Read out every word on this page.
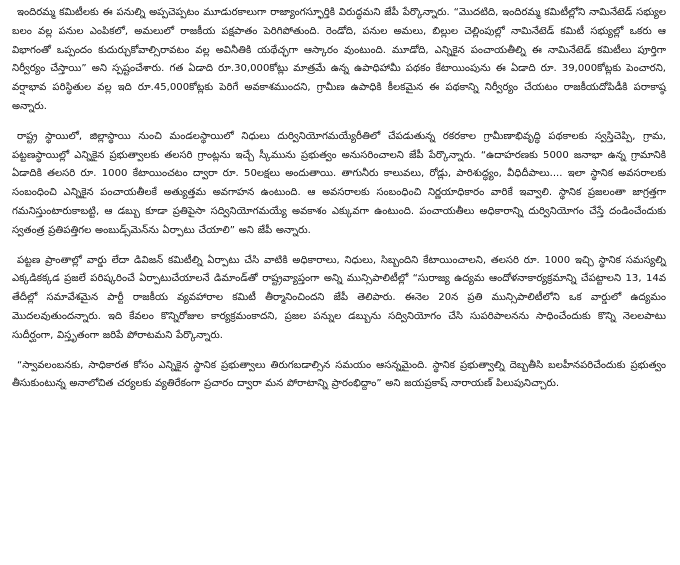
ఇందిరమ్మ కమిటీలకు ఈ పనుల్ని అప్పచెప్పటం మూడురకాలుగా రాజ్యాంగస్ఫూర్తికి విరుద్ధమని జేపీ పేర్కొన్నారు. “మొదటిది, ఇందిరమ్మ కమిటీల్లోని నామినేటెడ్ సభ్యుల బలం వల్ల పనుల ఎంపికలో, అమలులో రాజకీయ పక్షపాతం పెరిగిపోతుంది. రెండోది, పనుల అమలు, బిల్లుల చెల్లింపుల్లో నామినేటెడ్ కమిటీ సభ్యుల్లో ఒకరు ఆ విభాగంతో ఒప్పందం కుదుర్చుకోవాల్సిరావటం వల్ల అవినీతికి యథేచ్ఛగా ఆస్కారం వుంటుంది. మూడోది, ఎన్నికైన పంచాయతీల్ని ఈ నామినేటెడ్ కమిటీలు పూర్తిగా నిర్వీర్యం చేస్తాయి” అని స్పష్టంచేశారు. గత ఏడాది రూ.30,000కోట్లు మాత్రమే ఉన్న ఉపాధిహామీ పథకం కేటాయింపును ఈ ఏడాది రూ. 39,000కోట్లకు పెంచారని, వర్షాభావ పరిస్థితుల వల్ల ఇది రూ.45,000కోట్లకు పెరిగే అవకాశముందని, గ్రామీణ ఉపాధికి కీలకమైన ఈ పథకాన్ని నిర్వీర్యం చేయటం రాజకీయదోపిడీకి పరాకాష్ఠ అన్నారు.

రాష్ట్ర స్థాయిలో, జిల్లాస్థాయి నుంచి మండలస్థాయిలో నిధులు దుర్వినియోగమయ్యేరీతిలో చేపడుతున్న రకరకాల గ్రామీణాభివృద్ధి పథకాలకు స్వస్తిచెప్పి, గ్రామ, పట్టణస్థాయిల్లో ఎన్నికైన ప్రభుత్వాలకు తలసరి గ్రాంట్లను ఇచ్చే స్కీమును ప్రభుత్వం అనుసరించాలని జేపీ పేర్కొన్నారు. “ఉదాహరణకు 5000 జనాభా ఉన్న గ్రామానికి ఏడాదికి తలసరి రూ. 1000 కేటాయించటం ద్వారా రూ. 50లక్షలు అందుతాయి. తాగునీరు కాలువలు, రోడ్లు, పారిశుద్ధ్యం, వీధిదీపాలు.... ఇలా స్థానిక అవసరాలకు సంబంధించి ఎన్నికైన పంచాయతీలకే అత్యుత్తమ అవగాహన ఉంటుంది. ఆ అవసరాలకు సంబంధించి నిర్ణయాధికారం వారికే ఇవ్వాలి. స్థానిక ప్రజలంతా జాగ్రత్తగా గమనిస్తుంటారుకాబట్టి, ఆ డబ్బు కూడా ప్రతిపైసా సద్వినియోగమయ్యే అవకాశం ఎక్కువగా ఉంటుంది. పంచాయతీలు అధికారాన్ని దుర్వినియోగం చేస్తే దండించేందుకు స్వతంత్ర ప్రతిపత్తిగల అంబుడ్స్‌మెన్‌ను ఏర్పాటు చేయాలి” అని జేపీ అన్నారు.

పట్టణ ప్రాంతాల్లో వార్డు లేదా డివిజన్ కమిటీల్ని ఏర్పాటు చేసి వాటికి అధికారాలు, నిధులు, సిబ్బందిని కేటాయించాలని, తలసరి రూ. 1000 ఇచ్చి స్థానిక సమస్యల్ని ఎక్కడికక్కడ ప్రజలే పరిష్కరించే ఏర్పాటుచేయాలనే డిమాండ్‌తో రాష్ట్రవ్యాప్తంగా అన్ని మున్సిపాలిటీల్లో “సురాజ్య ఉద్యమ ఆందోళనాకార్యక్రమాన్ని చేపట్టాలని 13, 14వ తేదీల్లో సమావేశమైన పార్టీ రాజకీయ వ్యవహారాల కమిటీ తీర్మానించిందని జేపీ తెలిపారు. ఈనెల 20న ప్రతి మున్సిపాలిటీలోని ఒక వార్డులో ఉద్యమం మొదలవుతుందన్నారు. ఇది కేవలం కొన్నిరోజుల కార్యక్రమంకాదని, ప్రజల పన్నుల డబ్బును సద్వినియోగం చేసి సుపరిపాలనను సాధించేందుకు కొన్ని నెలలపాటు సుదీర్ఘంగా, విస్తృతంగా జరిపే పోరాటమని పేర్కొన్నారు.

“స్వావలంబనకు, సాధికారత కోసం ఎన్నికైన స్థానిక ప్రభుత్వాలు తిరుగబడాల్సిన సమయం ఆసన్నమైంది. స్థానిక ప్రభుత్వాల్ని దెబ్బతీసి బలహీనపరిచేందుకు ప్రభుత్వం తీసుకుంటున్న అనాలోచిత చర్యలకు వ్యతిరేకంగా ప్రచారం ద్వారా మన పోరాటాన్ని ప్రారంభిద్దాం” అని జయప్రకాష్ నారాయణ్ పిలుపునిచ్చారు.
